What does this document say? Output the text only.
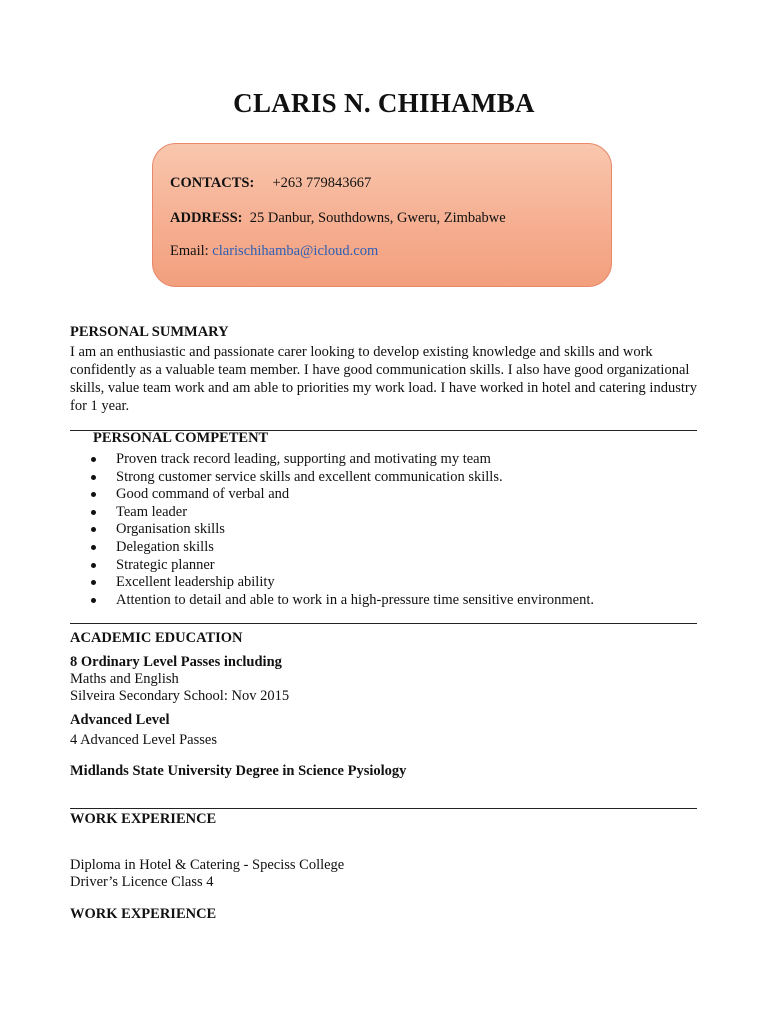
CLARIS N. CHIHAMBA
CONTACTS: +263 779843667
ADDRESS: 25 Danbur, Southdowns, Gweru, Zimbabwe
Email: clarischihamba@icloud.com

PERSONAL SUMMARY

I am an enthusiastic and passionate carer looking to develop existing knowledge and skills and work confidently as a valuable team member. I have good communication skills. I also have good organizational skills, value team work and am able to priorities my work load. I have worked in hotel and catering industry for 1 year.

PERSONAL COMPETENT

Proven track record leading, supporting and motivating my team
Strong customer service skills and excellent communication skills.
Good command of verbal and
Team leader
Organisation skills
Delegation skills
Strategic planner
Excellent leadership ability
Attention to detail and able to work in a high-pressure time sensitive environment.

ACADEMIC EDUCATION

8 Ordinary Level Passes including

Maths and English

Silveira Secondary School: Nov 2015

Advanced Level

4 Advanced Level Passes

Midlands State University Degree in Science Pysiology

WORK EXPERIENCE

Diploma in Hotel & Catering - Speciss College

Driver’s Licence Class 4

WORK EXPERIENCE
